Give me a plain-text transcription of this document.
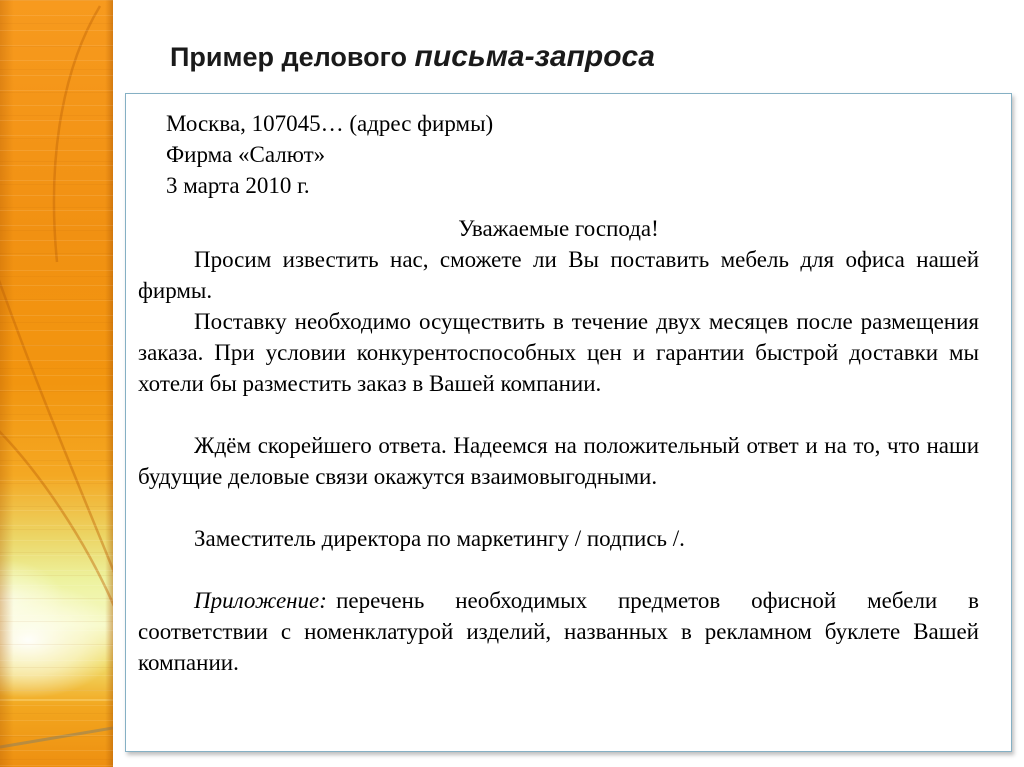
Пример делового письма-запроса
Москва, 107045… (адрес фирмы)
Фирма «Салют»
3 марта 2010 г.

Уважаемые господа!

Просим известить нас, сможете ли Вы поставить мебель для офиса нашей фирмы.

Поставку необходимо осуществить в течение двух месяцев после размещения заказа. При условии конкурентоспособных цен и гарантии быстрой доставки мы хотели бы разместить заказ в Вашей компании.

Ждём скорейшего ответа. Надеемся на положительный ответ и на то, что наши будущие деловые связи окажутся взаимовыгодными.

Заместитель директора по маркетингу / подпись /.

Приложение: перечень необходимых предметов офисной мебели в соответствии с номенклатурой изделий, названных в рекламном буклете Вашей компании.
